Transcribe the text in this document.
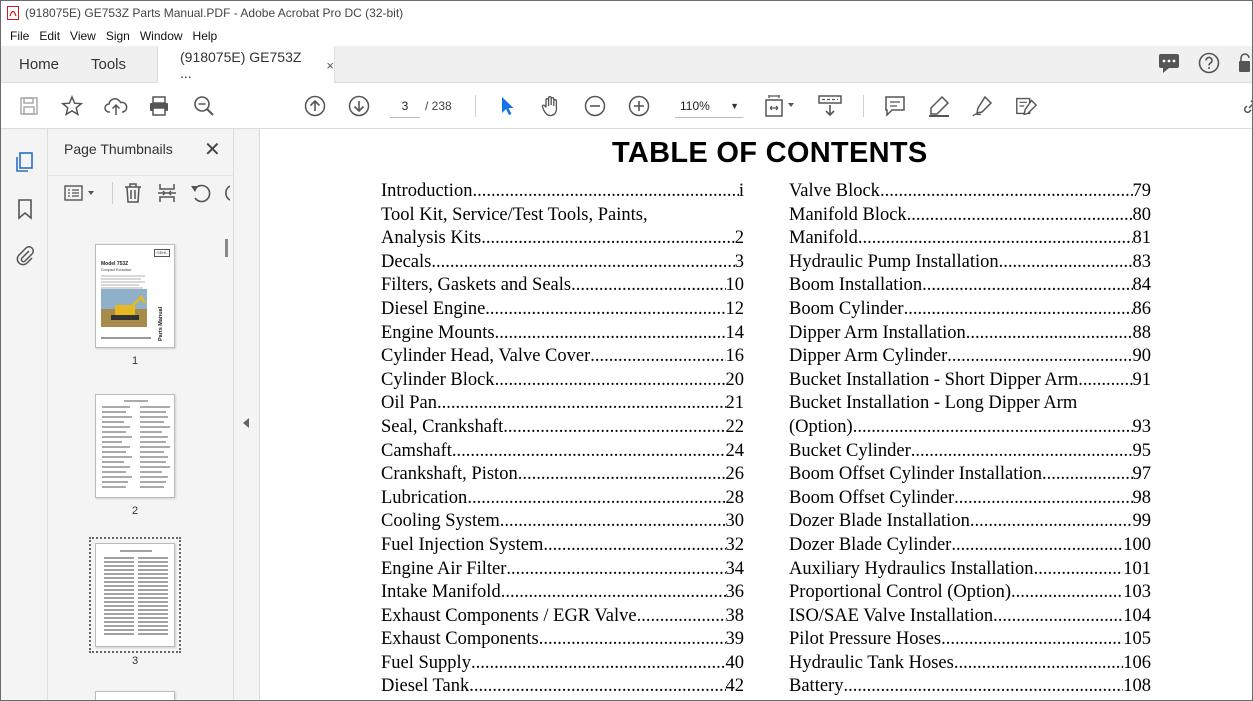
(918075E) GE753Z Parts Manual.PDF - Adobe Acrobat Pro DC (32-bit)
File Edit View Sign Window Help
Home Tools	(918075E) GE753Z ...	×
3	/ 238	110% ▼
Page Thumbnails ✕
Model 753Z
Compact Excavator
GEHL
Parts Manual
1
2
3
TABLE OF CONTENTS
Introduction .....	i
Tool Kit, Service/Test Tools, Paints,
Analysis Kits .....	2
Decals .....	3
Filters, Gaskets and Seals .....	10
Diesel Engine .....	12
Engine Mounts .....	14
Cylinder Head, Valve Cover .....	16
Cylinder Block .....	20
Oil Pan .....	21
Seal, Crankshaft .....	22
Camshaft .....	24
Crankshaft, Piston .....	26
Lubrication .....	28
Cooling System .....	30
Fuel Injection System .....	32
Engine Air Filter .....	34
Intake Manifold .....	36
Exhaust Components / EGR Valve .....	38
Exhaust Components .....	39
Fuel Supply .....	40
Diesel Tank .....	42
Valve Block .....	79
Manifold Block .....	80
Manifold .....	81
Hydraulic Pump Installation .....	83
Boom Installation .....	84
Boom Cylinder .....	86
Dipper Arm Installation .....	88
Dipper Arm Cylinder .....	90
Bucket Installation - Short Dipper Arm .....	91
Bucket Installation - Long Dipper Arm
(Option) .....	93
Bucket Cylinder .....	95
Boom Offset Cylinder Installation .....	97
Boom Offset Cylinder .....	98
Dozer Blade Installation .....	99
Dozer Blade Cylinder .....	100
Auxiliary Hydraulics Installation .....	101
Proportional Control (Option) .....	103
ISO/SAE Valve Installation .....	104
Pilot Pressure Hoses .....	105
Hydraulic Tank Hoses .....	106
Battery .....	108
